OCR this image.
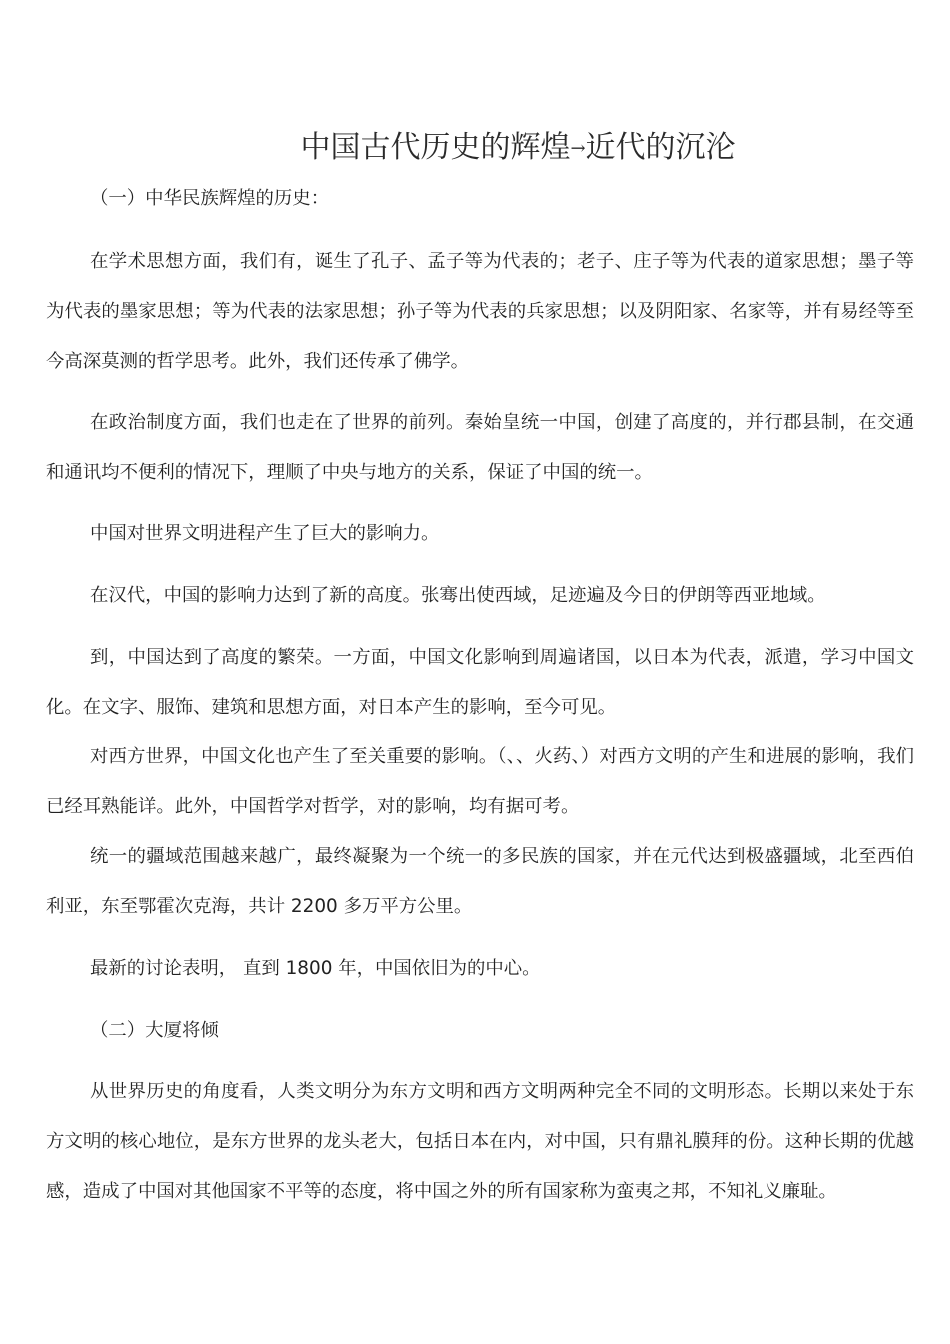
中国古代历史的辉煌→近代的沉沦

（一）中华民族辉煌的历史：

在学术思想方面，我们有，诞生了孔子、孟子等为代表的；老子、庄子等为代表的道家思想；墨子等为代表的墨家思想；等为代表的法家思想；孙子等为代表的兵家思想；以及阴阳家、名家等，并有易经等至今高深莫测的哲学思考。此外，我们还传承了佛学。

在政治制度方面，我们也走在了世界的前列。秦始皇统一中国，创建了高度的，并行郡县制，在交通和通讯均不便利的情况下，理顺了中央与地方的关系，保证了中国的统一。

中国对世界文明进程产生了巨大的影响力。

在汉代，中国的影响力达到了新的高度。张骞出使西域，足迹遍及今日的伊朗等西亚地域。

到，中国达到了高度的繁荣。一方面，中国文化影响到周遍诸国，以日本为代表，派遣，学习中国文化。在文字、服饰、建筑和思想方面，对日本产生的影响，至今可见。

对西方世界，中国文化也产生了至关重要的影响。（、、火药、）对西方文明的产生和进展的影响，我们已经耳熟能详。此外，中国哲学对哲学，对的影响，均有据可考。

统一的疆域范围越来越广，最终凝聚为一个统一的多民族的国家，并在元代达到极盛疆域，北至西伯利亚，东至鄂霍次克海，共计 2200 多万平方公里。

最新的讨论表明， 直到 1800 年，中国依旧为的中心。

（二）大厦将倾

从世界历史的角度看，人类文明分为东方文明和西方文明两种完全不同的文明形态。长期以来处于东方文明的核心地位，是东方世界的龙头老大，包括日本在内，对中国，只有鼎礼膜拜的份。这种长期的优越感，造成了中国对其他国家不平等的态度，将中国之外的所有国家称为蛮夷之邦，不知礼义廉耻。
